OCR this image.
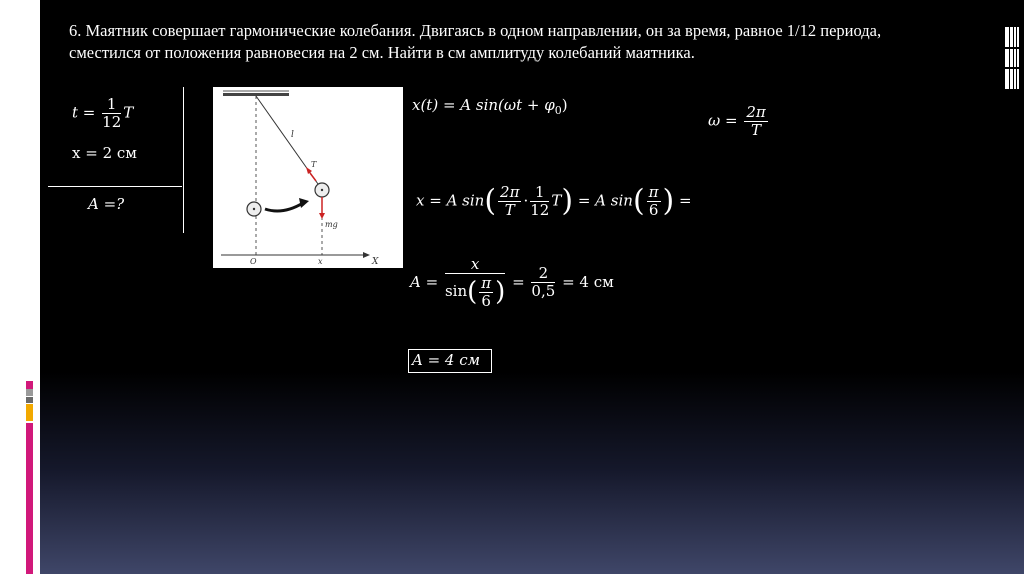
6. Маятник совершает гармонические колебания. Двигаясь в одном направлении, он за время, равное 1/12 периода, сместился от положения равновесия на 2 см. Найти в см амплитуду колебаний маятника.
$t = \frac{1}{12}$ T
x = 2 см
A =?
l
T
mg
O	x	X
x(t) = A $\sin(\omega t + \varphi_0)$
$\omega = \frac{2\pi}{T}$
x = A $\sin( \frac{2\pi}{T} \cdot \frac{1}{12} T) = A$ $\sin( \frac{\pi}{6}$ ) =
$A = \frac{x}{\sin( \frac{\pi}{6} )} = \frac{2}{0,5} = 4$ см
A = 4 см
